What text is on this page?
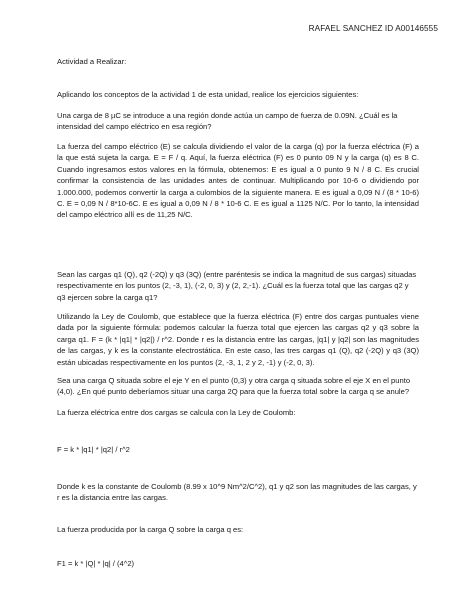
RAFAEL SANCHEZ ID A00146555

Actividad a Realizar:

Aplicando los conceptos de la actividad 1 de esta unidad, realice los ejercicios siguientes:

Una carga de 8 µC se introduce a una región donde actúa un campo de fuerza de 0.09N. ¿Cuál es la intensidad del campo eléctrico en esa región?

La fuerza del campo eléctrico (E) se calcula dividiendo el valor de la carga (q) por la fuerza eléctrica (F) a la que está sujeta la carga. E = F / q. Aquí, la fuerza eléctrica (F) es 0 punto 09 N y la carga (q) es 8 C. Cuando ingresamos estos valores en la fórmula, obtenemos: E es igual a 0 punto 9 N / 8 C. Es crucial confirmar la consistencia de las unidades antes de continuar. Multiplicando por 10-6 o dividiendo por 1.000.000, podemos convertir la carga a culombios de la siguiente manera. E es igual a 0,09 N / (8 * 10-6) C. E = 0,09 N / 8*10-6C. E es igual a 0,09 N / 8 * 10-6 C. E es igual a 1125 N/C. Por lo tanto, la intensidad del campo eléctrico allí es de 11,25 N/C.

Sean las cargas q1 (Q), q2 (-2Q) y q3 (3Q) (entre paréntesis se indica la magnitud de sus cargas) situadas respectivamente en los puntos (2, -3, 1), (-2, 0, 3) y (2, 2,-1). ¿Cuál es la fuerza total que las cargas q2 y q3 ejercen sobre la carga q1?

Utilizando la Ley de Coulomb, que establece que la fuerza eléctrica (F) entre dos cargas puntuales viene dada por la siguiente fórmula: podemos calcular la fuerza total que ejercen las cargas q2 y q3 sobre la carga q1. F = (k * |q1| * |q2|) / r^2. Donde r es la distancia entre las cargas, |q1| y |q2| son las magnitudes de las cargas, y k es la constante electrostática. En este caso, las tres cargas q1 (Q), q2 (-2Q) y q3 (3Q) están ubicadas respectivamente en los puntos (2, -3, 1, 2 y 2, -1) y (-2, 0, 3).

Sea una carga Q situada sobre el eje Y en el punto (0,3) y otra carga q situada sobre el eje X en el punto (4,0). ¿En qué punto deberíamos situar una carga 2Q para que la fuerza total sobre la carga q se anule?

La fuerza eléctrica entre dos cargas se calcula con la Ley de Coulomb:

F = k * |q1| * |q2| / r^2

Donde k es la constante de Coulomb (8.99 x 10^9 Nm^2/C^2), q1 y q2 son las magnitudes de las cargas, y r es la distancia entre las cargas.

La fuerza producida por la carga Q sobre la carga q es:

F1 = k * |Q| * |q| / (4^2)
